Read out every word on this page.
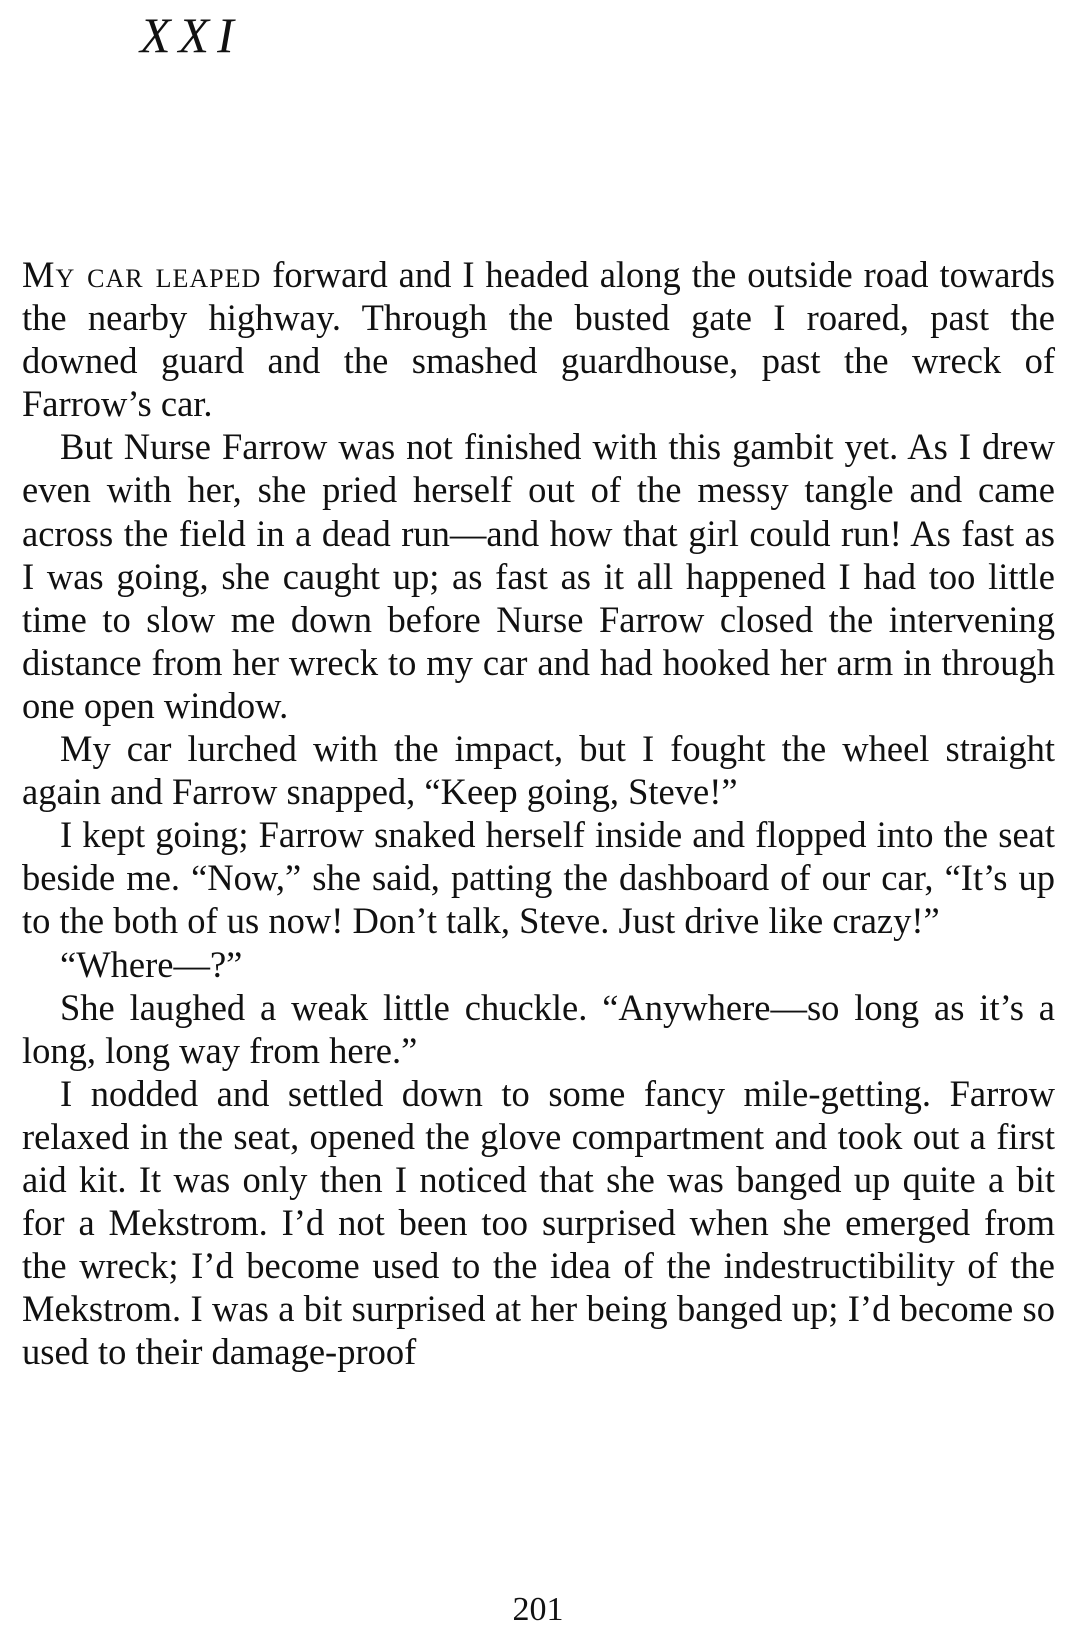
XXI

My car leaped forward and I headed along the outside road towards the nearby highway. Through the busted gate I roared, past the downed guard and the smashed guardhouse, past the wreck of Farrow’s car.

But Nurse Farrow was not finished with this gambit yet. As I drew even with her, she pried herself out of the messy tangle and came across the field in a dead run—and how that girl could run! As fast as I was going, she caught up; as fast as it all happened I had too little time to slow me down before Nurse Farrow closed the intervening distance from her wreck to my car and had hooked her arm in through one open window.

My car lurched with the impact, but I fought the wheel straight again and Farrow snapped, “Keep going, Steve!”

I kept going; Farrow snaked herself inside and flopped into the seat beside me. “Now,” she said, patting the dashboard of our car, “It’s up to the both of us now! Don’t talk, Steve. Just drive like crazy!”

“Where—?”

She laughed a weak little chuckle. “Anywhere—so long as it’s a long, long way from here.”

I nodded and settled down to some fancy mile-getting. Farrow relaxed in the seat, opened the glove compartment and took out a first aid kit. It was only then I noticed that she was banged up quite a bit for a Mekstrom. I’d not been too surprised when she emerged from the wreck; I’d become used to the idea of the indestructibility of the Mekstrom. I was a bit surprised at her being banged up; I’d become so used to their damage-proof

201
